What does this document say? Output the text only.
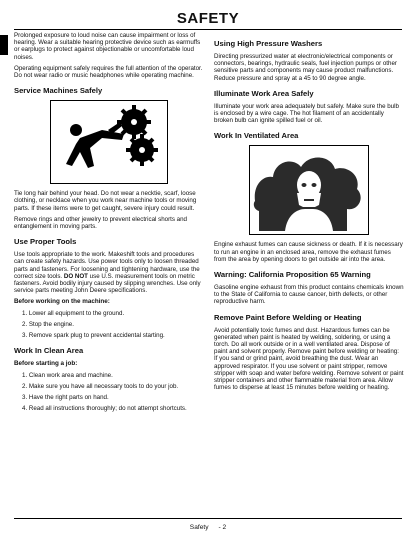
SAFETY

Prolonged exposure to loud noise can cause impairment or loss of hearing. Wear a suitable hearing protective device such as earmuffs or earplugs to protect against objectionable or uncomfortable loud noises.

Operating equipment safely requires the full attention of the operator. Do not wear radio or music headphones while operating machine.

Service Machines Safely

Tie long hair behind your head. Do not wear a necktie, scarf, loose clothing, or necklace when you work near machine tools or moving parts. If these items were to get caught, severe injury could result.

Remove rings and other jewelry to prevent electrical shorts and entanglement in moving parts.

Use Proper Tools

Use tools appropriate to the work. Makeshift tools and procedures can create safety hazards. Use power tools only to loosen threaded parts and fasteners. For loosening and tightening hardware, use the correct size tools. DO NOT use U.S. measurement tools on metric fasteners. Avoid bodily injury caused by slipping wrenches. Use only service parts meeting John Deere specifications.

Before working on the machine:
1. Lower all equipment to the ground.
2. Stop the engine.
3. Remove spark plug to prevent accidental starting.
Work In Clean Area
Before starting a job:
1. Clean work area and machine.
2. Make sure you have all necessary tools to do your job.
3. Have the right parts on hand.
4. Read all instructions thoroughly; do not attempt shortcuts.
Using High Pressure Washers

Directing pressurized water at electronic/electrical components or connectors, bearings, hydraulic seals, fuel injection pumps or other sensitive parts and components may cause product malfunctions. Reduce pressure and spray at a 45 to 90 degree angle.

Illuminate Work Area Safely

Illuminate your work area adequately but safely. Make sure the bulb is enclosed by a wire cage. The hot filament of an accidentally broken bulb can ignite spilled fuel or oil.

Work In Ventilated Area

Engine exhaust fumes can cause sickness or death. If it is necessary to run an engine in an enclosed area, remove the exhaust fumes from the area by opening doors to get outside air into the area.

Warning: California Proposition 65 Warning

Gasoline engine exhaust from this product contains chemicals known to the State of California to cause cancer, birth defects, or other reproductive harm.

Remove Paint Before Welding or Heating

Avoid potentially toxic fumes and dust. Hazardous fumes can be generated when paint is heated by welding, soldering, or using a torch. Do all work outside or in a well ventilated area. Dispose of paint and solvent properly. Remove paint before welding or heating: If you sand or grind paint, avoid breathing the dust. Wear an approved respirator. If you use solvent or paint stripper, remove stripper with soap and water before welding. Remove solvent or paint stripper containers and other flammable material from area. Allow fumes to disperse at least 15 minutes before welding or heating.

Safety - 2
